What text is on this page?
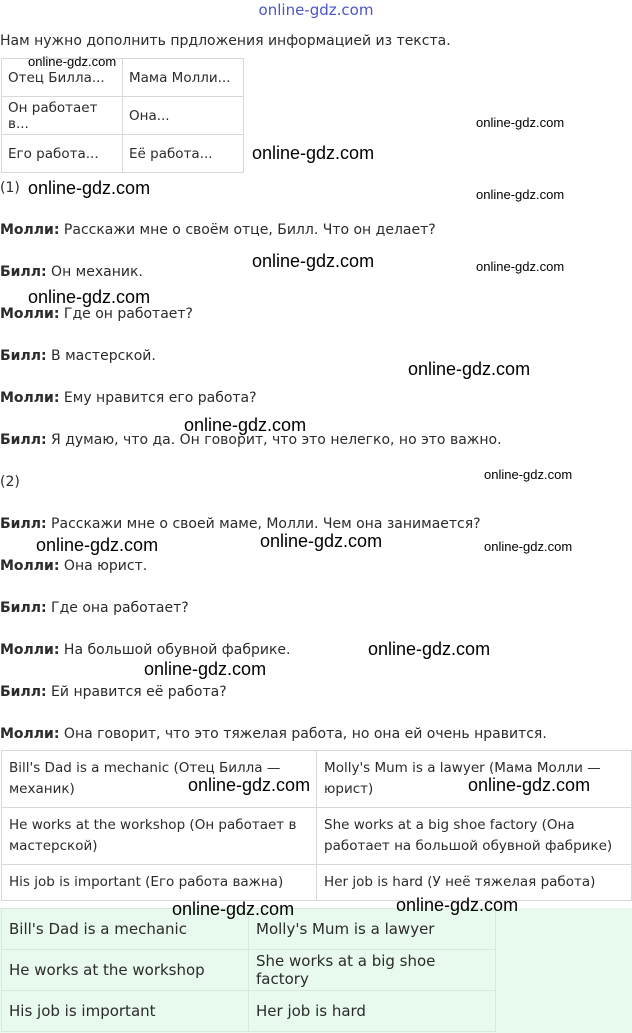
online-gdz.com
Нам нужно дополнить прдложения информацией из текста.
Отец Билла...	Мама Молли...
Он работает в...	Она...
Его работа...	Её работа...
(1)
Молли: Расскажи мне о своём отце, Билл. Что он делает?
Билл: Он механик.
Молли: Где он работает?
Билл: В мастерской.
Молли: Ему нравится его работа?
Билл: Я думаю, что да. Он говорит, что это нелегко, но это важно.
(2)
Билл: Расскажи мне о своей маме, Молли. Чем она занимается?
Молли: Она юрист.
Билл: Где она работает?
Молли: На большой обувной фабрике.
Билл: Ей нравится её работа?
Молли: Она говорит, что это тяжелая работа, но она ей очень нравится.
Bill's Dad is a mechanic (Отец Билла — механик)	Molly's Mum is a lawyer (Мама Молли — юрист)
He works at the workshop (Он работает в мастерской)	She works at a big shoe factory (Она работает на большой обувной фабрике)
His job is important (Его работа важна)	Her job is hard (У неё тяжелая работа)
Bill's Dad is a mechanic	Molly's Mum is a lawyer
He works at the workshop	She works at a big shoe factory
His job is important	Her job is hard
online-gdz.com
online-gdz.com
online-gdz.com
online-gdz.com	online-gdz.com
online-gdz.com	online-gdz.com
online-gdz.com
online-gdz.com
online-gdz.com
online-gdz.com
online-gdz.com	online-gdz.com	online-gdz.com
online-gdz.com
online-gdz.com
online-gdz.com	online-gdz.com
online-gdz.com
online-gdz.com
